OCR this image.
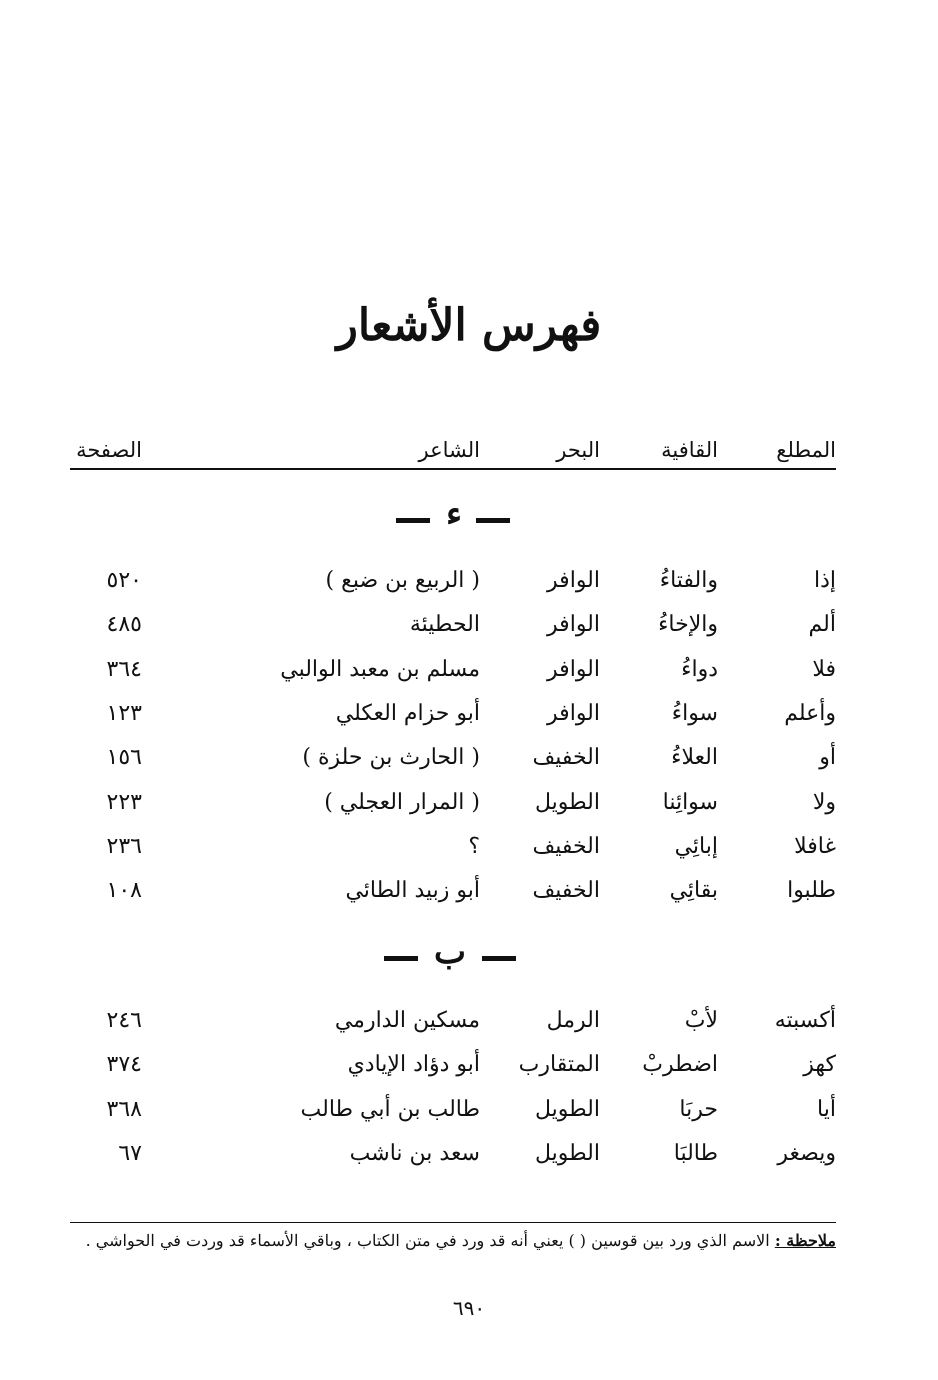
فهرس الأشعار
المطلع
القافية
البحر
الشاعر
الصفحة
ء
إذا
والفتاءُ
الوافر
( الربيع بن ضبع )
٥٢٠
ألم
والإخاءُ
الوافر
الحطيئة
٤٨٥
فلا
دواءُ
الوافر
مسلم بن معبد الوالبي
٣٦٤
وأعلم
سواءُ
الوافر
أبو حزام العكلي
١٢٣
أو
العلاءُ
الخفيف
( الحارث بن حلزة )
١٥٦
ولا
سوائِنا
الطويل
( المرار العجلي )
٢٢٣
غافلا
إبائِي
الخفيف
؟
٢٣٦
طلبوا
بقائِي
الخفيف
أبو زبيد الطائي
١٠٨
ب
أكسبته
لأبْ
الرمل
مسكين الدارمي
٢٤٦
كهز
اضطربْ
المتقارب
أبو دؤاد الإيادي
٣٧٤
أيا
حربَا
الطويل
طالب بن أبي طالب
٣٦٨
ويصغر
طالبَا
الطويل
سعد بن ناشب
٦٧
ملاحظة : الاسم الذي ورد بين قوسين ( ) يعني أنه قد ورد في متن الكتاب ، وباقي الأسماء قد وردت في الحواشي .
٦٩٠
